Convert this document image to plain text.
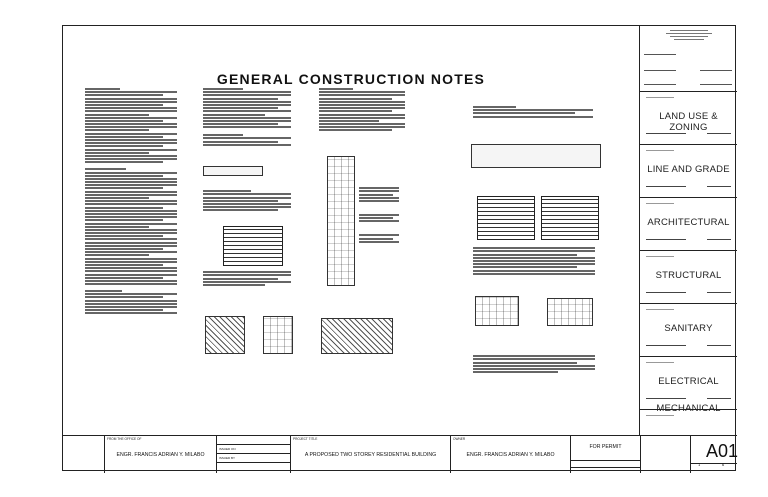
GENERAL CONSTRUCTION NOTES
LAND USE & ZONING
LINE AND GRADE
ARCHITECTURAL
STRUCTURAL
SANITARY
ELECTRICAL
MECHANICAL
FROM THE OFFICE OF
ENGR. FRANCIS ADRIAN Y. MILABO

ISSUED ON
ISSUED BY
PROJECT TITLE
A PROPOSED TWO STOREY RESIDENTIAL BUILDING
OWNER
ENGR. FRANCIS ADRIAN Y. MILABO
FOR PERMIT	A01
1	6
